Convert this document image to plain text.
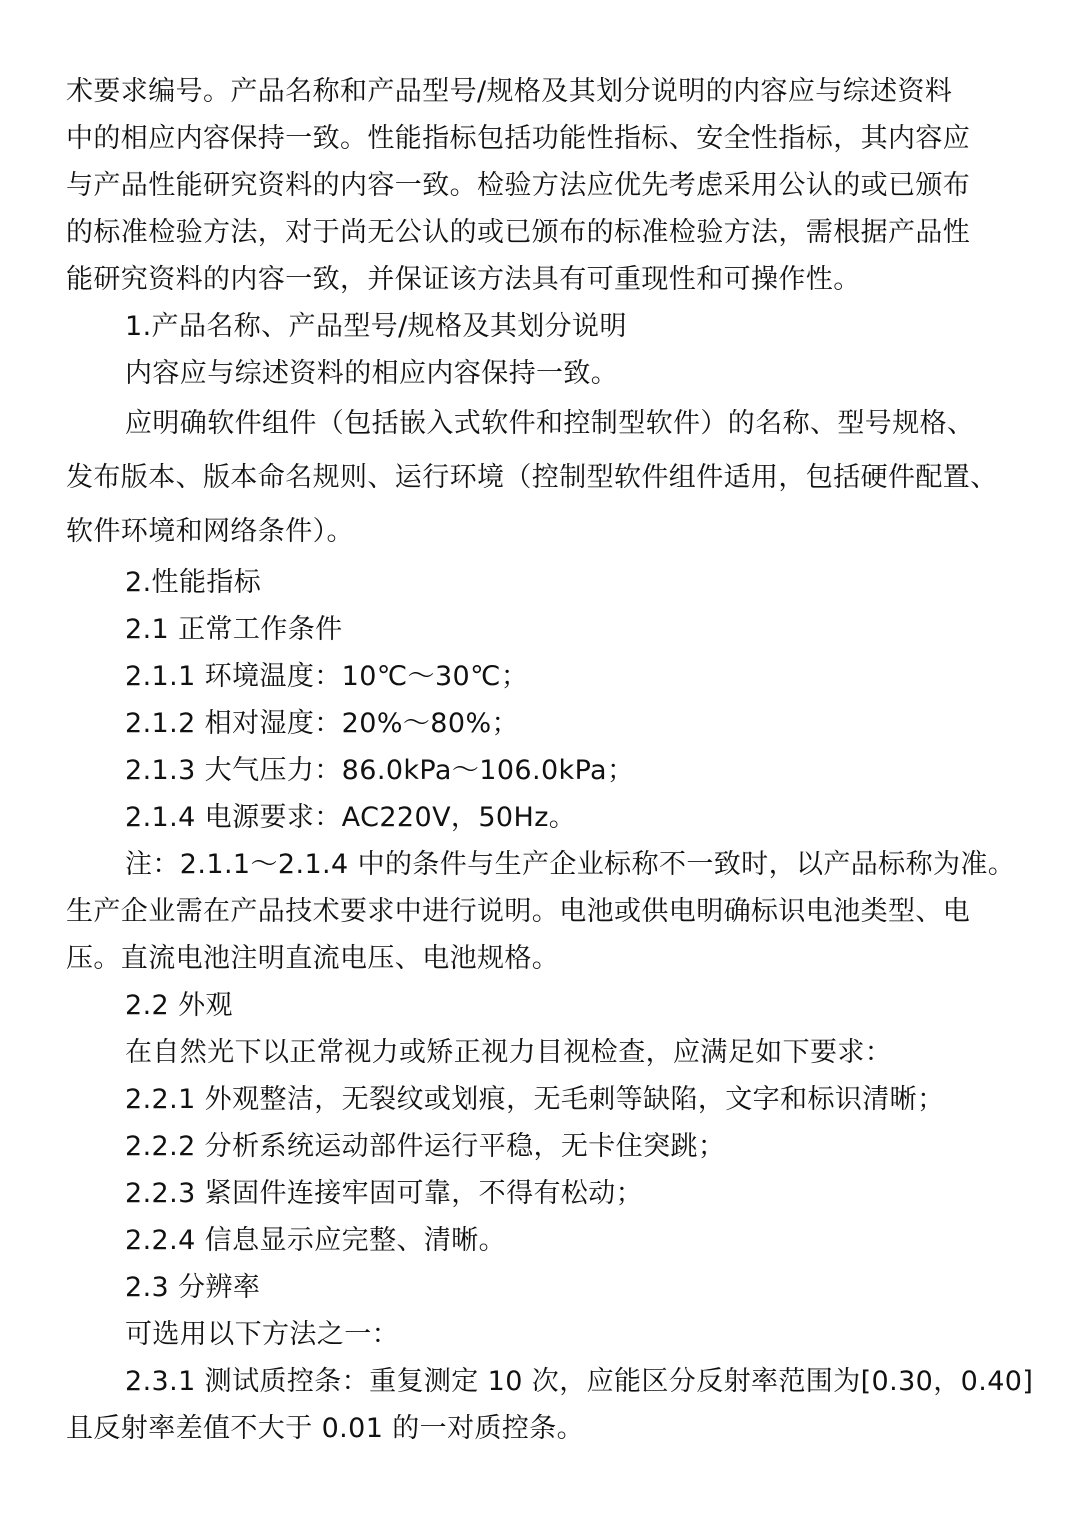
术要求编号。产品名称和产品型号/规格及其划分说明的内容应与综述资料
中的相应内容保持一致。性能指标包括功能性指标、安全性指标，其内容应
与产品性能研究资料的内容一致。检验方法应优先考虑采用公认的或已颁布
的标准检验方法，对于尚无公认的或已颁布的标准检验方法，需根据产品性
能研究资料的内容一致，并保证该方法具有可重现性和可操作性。
1.产品名称、产品型号/规格及其划分说明
内容应与综述资料的相应内容保持一致。
应明确软件组件（包括嵌入式软件和控制型软件）的名称、型号规格、
发布版本、版本命名规则、运行环境（控制型软件组件适用，包括硬件配置、
软件环境和网络条件）。
2.性能指标
2.1 正常工作条件
2.1.1 环境温度：10℃～30℃；
2.1.2 相对湿度：20%～80%；
2.1.3 大气压力：86.0kPa～106.0kPa；
2.1.4 电源要求：AC220V，50Hz。
注：2.1.1～2.1.4 中的条件与生产企业标称不一致时，以产品标称为准。
生产企业需在产品技术要求中进行说明。电池或供电明确标识电池类型、电
压。直流电池注明直流电压、电池规格。
2.2 外观
在自然光下以正常视力或矫正视力目视检查，应满足如下要求：
2.2.1 外观整洁，无裂纹或划痕，无毛刺等缺陷，文字和标识清晰；
2.2.2 分析系统运动部件运行平稳，无卡住突跳；
2.2.3 紧固件连接牢固可靠，不得有松动；
2.2.4 信息显示应完整、清晰。
2.3 分辨率
可选用以下方法之一：
2.3.1 测试质控条：重复测定 10 次，应能区分反射率范围为[0.30，0.40]
且反射率差值不大于 0.01 的一对质控条。
